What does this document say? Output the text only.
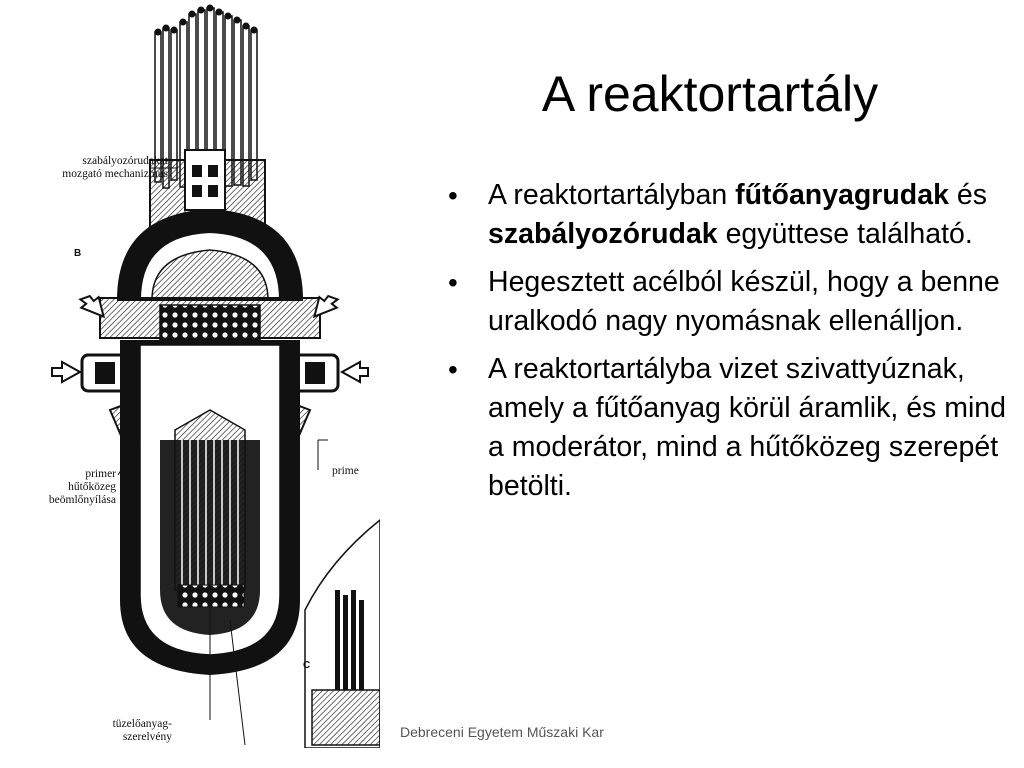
szabályozórudakat
mozgató mechanizmus
B
primer
hűtőközeg
beömlőnyílása
prime
C
tüzelőanyag-
szerelvény
A reaktortartály
• A reaktortartályban fűtőanyagrudak és szabályozórudak együttese található.
• Hegesztett acélból készül, hogy a benne uralkodó nagy nyomásnak ellenálljon.
• A reaktortartályba vizet szivattyúznak, amely a fűtőanyag körül áramlik, és mind a moderátor, mind a hűtőközeg szerepét betölti.
Debreceni Egyetem Műszaki Kar
